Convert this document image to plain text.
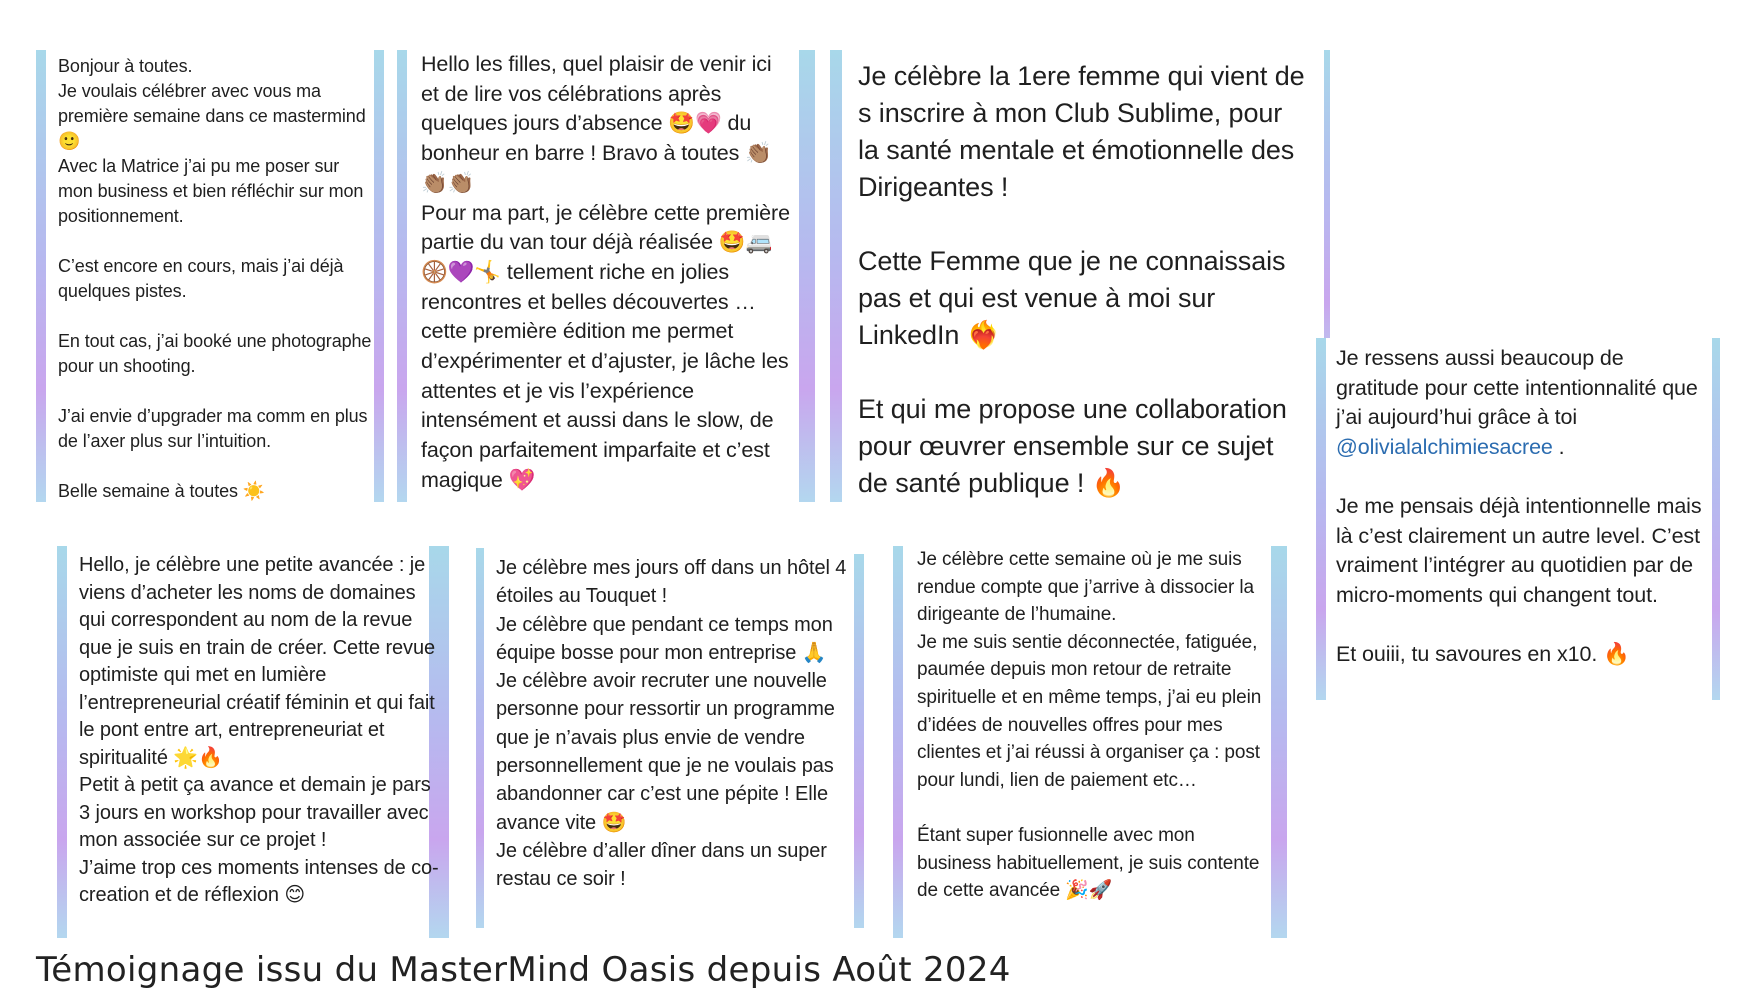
Bonjour à toutes.
Je voulais célébrer avec vous ma première semaine dans ce mastermind 🙂
Avec la Matrice j’ai pu me poser sur mon business et bien réfléchir sur mon positionnement.

C’est encore en cours, mais j’ai déjà quelques pistes.

En tout cas, j’ai booké une photographe pour un shooting.

J’ai envie d’upgrader ma comm en plus de l’axer plus sur l’intuition.

Belle semaine à toutes ☀️
Hello les filles, quel plaisir de venir ici et de lire vos célébrations après quelques jours d’absence 🤩💗 du bonheur en barre ! Bravo à toutes 👏🏽👏🏽👏🏽
Pour ma part, je célèbre cette première partie du van tour déjà réalisée 🤩🚐🛞💜🤸 tellement riche en jolies rencontres et belles découvertes … cette première édition me permet d’expérimenter et d’ajuster, je lâche les attentes et je vis l’expérience intensément et aussi dans le slow, de façon parfaitement imparfaite et c’est magique 💖
Je célèbre la 1ere femme qui vient de s inscrire à mon Club Sublime, pour la santé mentale et émotionnelle des Dirigeantes !

Cette Femme que je ne connaissais pas et qui est venue à moi sur LinkedIn ❤️‍🔥

Et qui me propose une collaboration pour œuvrer ensemble sur ce sujet de santé publique ! 🔥
Je ressens aussi beaucoup de gratitude pour cette intentionnalité que j’ai aujourd’hui grâce à toi @olivialalchimiesacree .

Je me pensais déjà intentionnelle mais là c’est clairement un autre level. C’est vraiment l’intégrer au quotidien par de micro-moments qui changent tout.

Et ouiii, tu savoures en x10. 🔥
Hello, je célèbre une petite avancée : je viens d’acheter les noms de domaines qui correspondent au nom de la revue que je suis en train de créer. Cette revue optimiste qui met en lumière l’entrepreneurial créatif féminin et qui fait le pont entre art, entrepreneuriat et spiritualité 🌟🔥
Petit à petit ça avance et demain je pars 3 jours en workshop pour travailler avec mon associée sur ce projet !
J’aime trop ces moments intenses de co-creation et de réflexion 😊
Je célèbre mes jours off dans un hôtel 4 étoiles au Touquet !
Je célèbre que pendant ce temps mon équipe bosse pour mon entreprise 🙏
Je célèbre avoir recruter une nouvelle personne pour ressortir un programme que je n’avais plus envie de vendre personnellement que je ne voulais pas abandonner car c’est une pépite ! Elle avance vite 🤩
Je célèbre d’aller dîner dans un super restau ce soir !
Je célèbre cette semaine où je me suis rendue compte que j’arrive à dissocier la dirigeante de l’humaine.
Je me suis sentie déconnectée, fatiguée, paumée depuis mon retour de retraite spirituelle et en même temps, j’ai eu plein d’idées de nouvelles offres pour mes clientes et j’ai réussi à organiser ça : post pour lundi, lien de paiement etc…

Étant super fusionnelle avec mon business habituellement, je suis contente de cette avancée 🎉🚀
Témoignage issu du MasterMind Oasis depuis Août 2024
